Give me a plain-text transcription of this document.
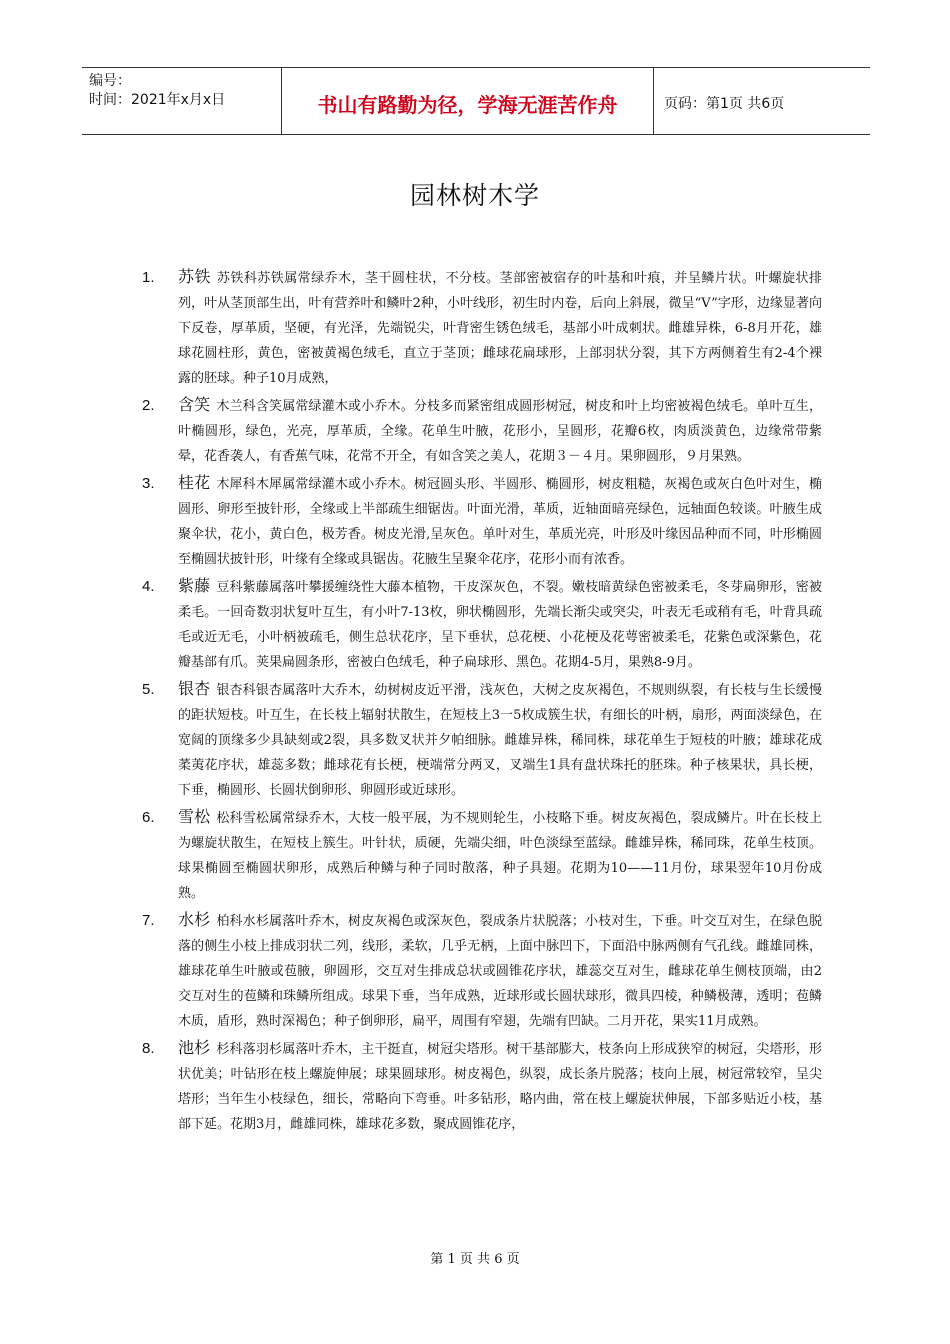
编号：
时间：2021年x月x日	书山有路勤为径，学海无涯苦作舟	页码：第1页 共6页
园林树木学
1. 苏铁 苏铁科苏铁属常绿乔木，茎干圆柱状，不分枝。茎部密被宿存的叶基和叶痕，并呈鳞片状。叶螺旋状排列，叶从茎顶部生出，叶有营养叶和鳞叶2种，小叶线形，初生时内卷，后向上斜展，微呈“V”字形，边缘显著向下反卷，厚革质，坚硬，有光泽，先端锐尖，叶背密生锈色绒毛，基部小叶成刺状。雌雄异株，6-8月开花，雄球花圆柱形，黄色，密被黄褐色绒毛，直立于茎顶；雌球花扁球形，上部羽状分裂，其下方两侧着生有2-4个裸露的胚球。种子10月成熟，
2. 含笑 木兰科含笑属常绿灌木或小乔木。分枝多而紧密组成圆形树冠，树皮和叶上均密被褐色绒毛。单叶互生，叶椭圆形，绿色，光亮，厚革质，全缘。花单生叶腋，花形小，呈圆形，花瓣6枚，肉质淡黄色，边缘常带紫晕，花香袭人，有香蕉气味，花常不开全，有如含笑之美人，花期３－４月。果卵圆形，９月果熟。
3. 桂花 木犀科木犀属常绿灌木或小乔木。树冠圆头形、半圆形、椭圆形，树皮粗糙，灰褐色或灰白色叶对生，椭圆形、卵形至披针形，全缘或上半部疏生细锯齿。叶面光滑，革质，近轴面暗亮绿色，远轴面色较谈。叶腋生成聚伞状，花小，黄白色，极芳香。树皮光滑,呈灰色。单叶对生，革质光亮，叶形及叶缘因品种而不同，叶形椭圆至椭圆状披针形，叶缘有全缘或具锯齿。花腋生呈聚伞花序，花形小而有浓香。
4. 紫藤 豆科紫藤属落叶攀援缠绕性大藤本植物，干皮深灰色，不裂。嫩枝暗黄绿色密被柔毛，冬芽扁卵形，密被柔毛。一回奇数羽状复叶互生，有小叶7-13枚，卵状椭圆形，先端长渐尖或突尖，叶表无毛或稍有毛，叶背具疏毛或近无毛，小叶柄被疏毛，侧生总状花序，呈下垂状，总花梗、小花梗及花萼密被柔毛，花紫色或深紫色，花瓣基部有爪。荚果扁圆条形，密被白色绒毛，种子扁球形、黑色。花期4-5月，果熟8-9月。
5. 银杏 银杏科银杏属落叶大乔木，幼树树皮近平滑，浅灰色，大树之皮灰褐色，不规则纵裂，有长枝与生长缓慢的距状短枝。叶互生，在长枝上辐射状散生，在短枝上3一5枚成簇生状，有细长的叶柄，扇形，两面淡绿色，在宽阔的顶缘多少具缺刻或2裂，具多数叉状并夕帕细脉。雌雄异株，稀同株，球花单生于短枝的叶腋；雄球花成葇荑花序状，雄蕊多数；雌球花有长梗，梗端常分两叉，叉端生1具有盘状珠托的胚珠。种子核果状，具长梗，下垂，椭圆形、长圆状倒卵形、卵圆形或近球形。
6. 雪松 松科雪松属常绿乔木，大枝一般平展，为不规则轮生，小枝略下垂。树皮灰褐色，裂成鳞片。叶在长枝上为螺旋状散生，在短枝上簇生。叶针状，质硬，先端尖细，叶色淡绿至蓝绿。雌雄异株，稀同珠，花单生枝顶。球果椭圆至椭圆状卵形，成熟后种鳞与种子同时散落，种子具翅。花期为10——11月份，球果翌年10月份成熟。
7. 水杉 柏科水杉属落叶乔木，树皮灰褐色或深灰色，裂成条片状脱落；小枝对生，下垂。叶交互对生，在绿色脱落的侧生小枝上排成羽状二列，线形，柔软，几乎无柄，上面中脉凹下，下面沿中脉两侧有气孔线。雌雄同株，雄球花单生叶腋或苞腋，卵圆形，交互对生排成总状或圆锥花序状，雄蕊交互对生，雌球花单生侧枝顶端，由2交互对生的苞鳞和珠鳞所组成。球果下垂，当年成熟，近球形或长圆状球形，微具四棱，种鳞极薄，透明；苞鳞木质，盾形，熟时深褐色；种子倒卵形，扁平，周围有窄翅，先端有凹缺。二月开花，果实11月成熟。
8. 池杉 杉科落羽杉属落叶乔木，主干挺直，树冠尖塔形。树干基部膨大，枝条向上形成狭窄的树冠，尖塔形，形状优美；叶钻形在枝上螺旋伸展；球果圆球形。树皮褐色，纵裂，成长条片脱落；枝向上展，树冠常较窄，呈尖塔形；当年生小枝绿色，细长，常略向下弯垂。叶多钻形，略内曲，常在枝上螺旋状伸展，下部多贴近小枝，基部下延。花期3月，雌雄同株，雄球花多数，聚成圆锥花序，
第 1 页 共 6 页
